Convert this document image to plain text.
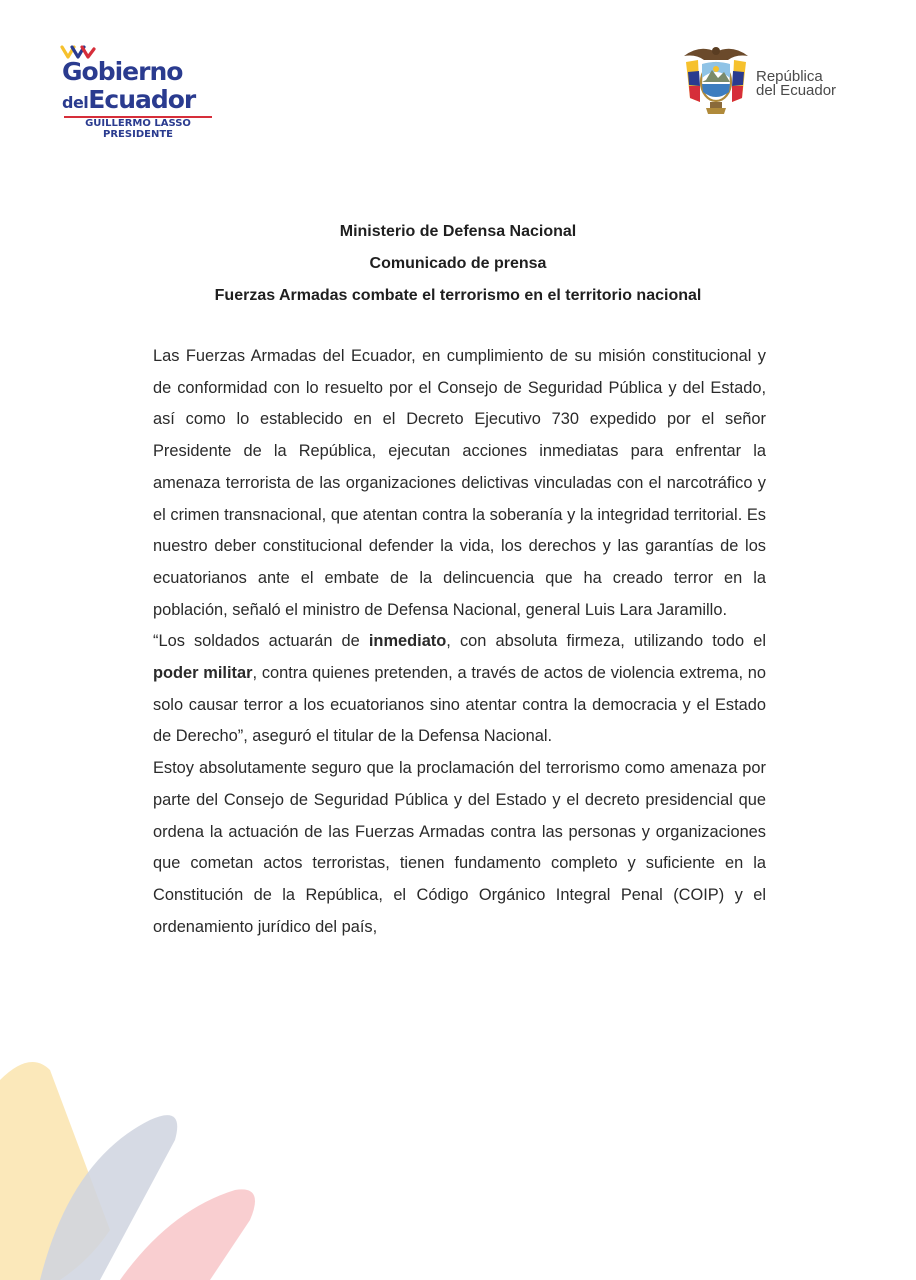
Gobierno
delEcuador
GUILLERMO LASSO
PRESIDENTE
República
del Ecuador
Ministerio de Defensa Nacional
Comunicado de prensa
Fuerzas Armadas combate el terrorismo en el territorio nacional

Las Fuerzas Armadas del Ecuador, en cumplimiento de su misión constitucional y de conformidad con lo resuelto por el Consejo de Seguridad Pública y del Estado, así como lo establecido en el Decreto Ejecutivo 730 expedido por el señor Presidente de la República, ejecutan acciones inmediatas para enfrentar la amenaza terrorista de las organizaciones delictivas vinculadas con el narcotráfico y el crimen transnacional, que atentan contra la soberanía y la integridad territorial. Es nuestro deber constitucional defender la vida, los derechos y las garantías de los ecuatorianos ante el embate de la delincuencia que ha creado terror en la población, señaló el ministro de Defensa Nacional, general Luis Lara Jaramillo.

“Los soldados actuarán de inmediato, con absoluta firmeza, utilizando todo el poder militar, contra quienes pretenden, a través de actos de violencia extrema, no solo causar terror a los ecuatorianos sino atentar contra la democracia y el Estado de Derecho”, aseguró el titular de la Defensa Nacional.

Estoy absolutamente seguro que la proclamación del terrorismo como amenaza por parte del Consejo de Seguridad Pública y del Estado y el decreto presidencial que ordena la actuación de las Fuerzas Armadas contra las personas y organizaciones que cometan actos terroristas, tienen fundamento completo y suficiente en la Constitución de la República, el Código Orgánico Integral Penal (COIP) y el ordenamiento jurídico del país,
